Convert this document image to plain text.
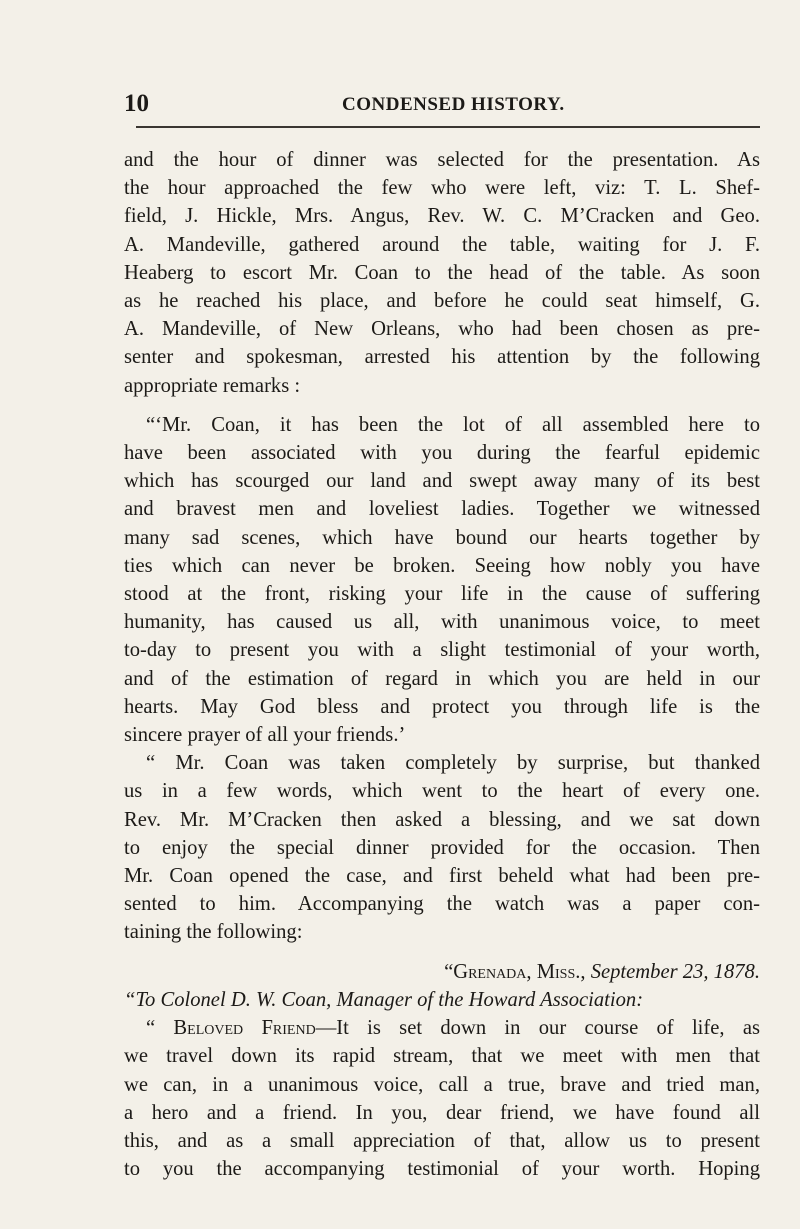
10	CONDENSED HISTORY.
and the hour of dinner was selected for the presentation. As
the hour approached the few who were left, viz: T. L. Shef-
field, J. Hickle, Mrs. Angus, Rev. W. C. M’Cracken and Geo.
A. Mandeville, gathered around the table, waiting for J. F.
Heaberg to escort Mr. Coan to the head of the table. As soon
as he reached his place, and before he could seat himself, G.
A. Mandeville, of New Orleans, who had been chosen as pre-
senter and spokesman, arrested his attention by the following
appropriate remarks :
“‘Mr. Coan, it has been the lot of all assembled here to
have been associated with you during the fearful epidemic
which has scourged our land and swept away many of its best
and bravest men and loveliest ladies. Together we witnessed
many sad scenes, which have bound our hearts together by
ties which can never be broken. Seeing how nobly you have
stood at the front, risking your life in the cause of suffering
humanity, has caused us all, with unanimous voice, to meet
to-day to present you with a slight testimonial of your worth,
and of the estimation of regard in which you are held in our
hearts. May God bless and protect you through life is the
sincere prayer of all your friends.’
“ Mr. Coan was taken completely by surprise, but thanked
us in a few words, which went to the heart of every one.
Rev. Mr. M’Cracken then asked a blessing, and we sat down
to enjoy the special dinner provided for the occasion. Then
Mr. Coan opened the case, and first beheld what had been pre-
sented to him. Accompanying the watch was a paper con-
taining the following:
“Grenada, Miss., September 23, 1878.
“To Colonel D. W. Coan, Manager of the Howard Association:
“ Beloved Friend—It is set down in our course of life, as
we travel down its rapid stream, that we meet with men that
we can, in a unanimous voice, call a true, brave and tried man,
a hero and a friend. In you, dear friend, we have found all
this, and as a small appreciation of that, allow us to present
to you the accompanying testimonial of your worth. Hoping
